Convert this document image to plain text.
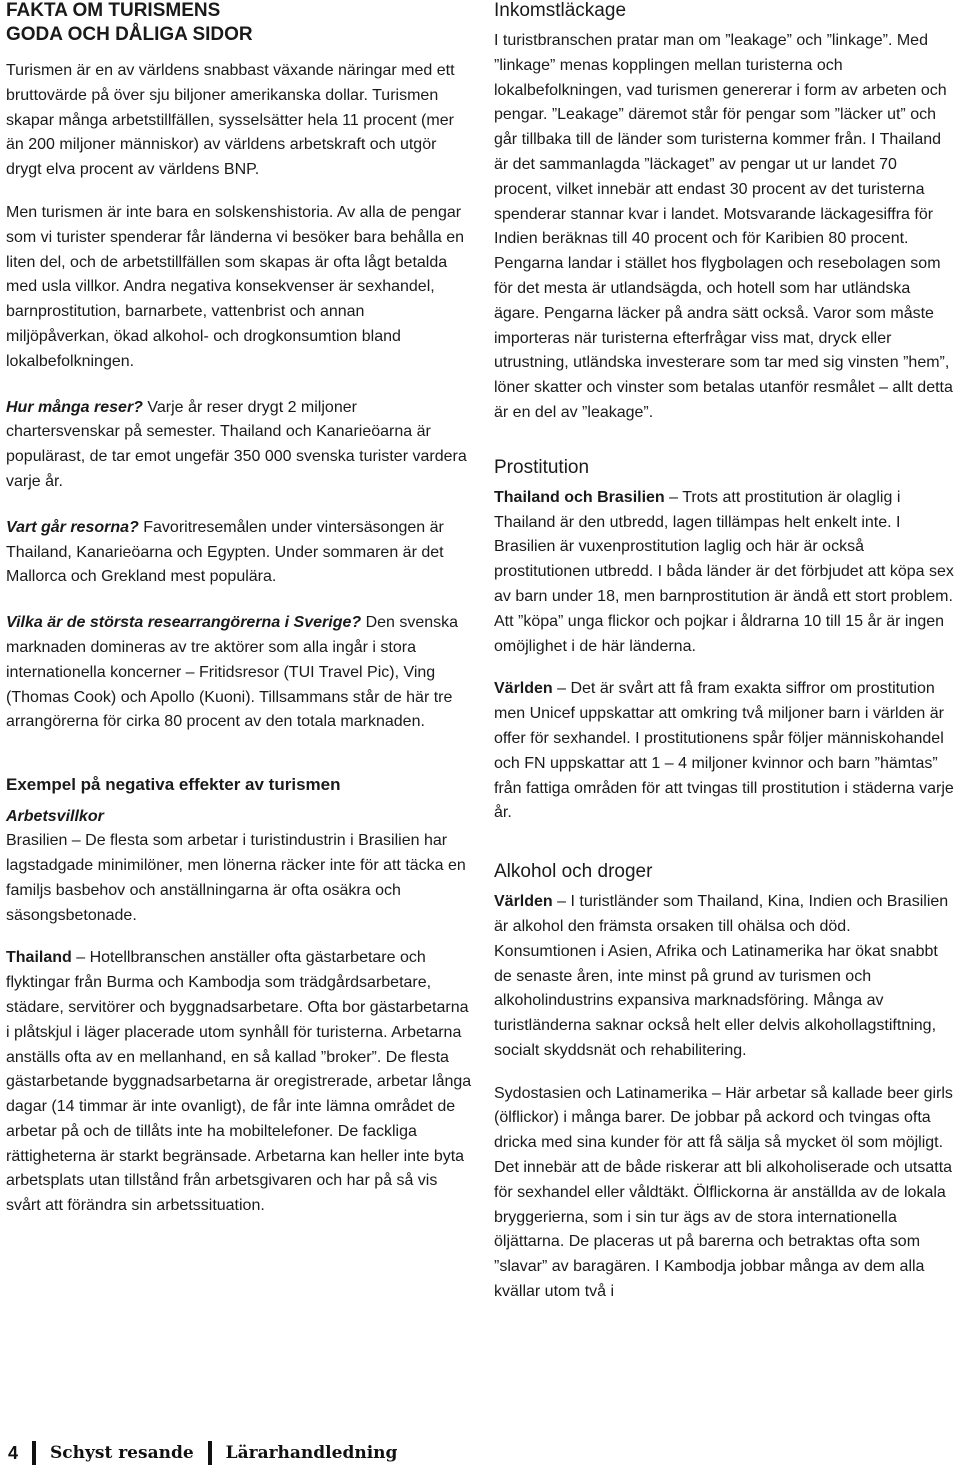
FAKTA OM TURISMENS
GODA OCH DÅLIGA SIDOR

Turismen är en av världens snabbast växande näringar med ett bruttovärde på över sju biljoner amerikanska dollar. Turismen skapar många arbetstillfällen, sysselsätter hela 11 procent (mer än 200 miljoner människor) av världens arbetskraft och utgör drygt elva procent av världens BNP.

Men turismen är inte bara en solskenshistoria. Av alla de pengar som vi turister spenderar får länderna vi besöker bara behålla en liten del, och de arbetstillfällen som skapas är ofta lågt betalda med usla villkor. Andra negativa konsekvenser är sexhandel, barnprostitution, barnarbete, vattenbrist och annan miljöpåverkan, ökad alkohol- och drogkonsumtion bland lokalbefolkningen.

Hur många reser? Varje år reser drygt 2 miljoner chartersvenskar på semester. Thailand och Kanarieöarna är populärast, de tar emot ungefär 350 000 svenska turister vardera varje år.

Vart går resorna? Favoritresemålen under vintersäsongen är Thailand, Kanarieöarna och Egypten. Under sommaren är det Mallorca och Grekland mest populära.

Vilka är de största researrangörerna i Sverige? Den svenska marknaden domineras av tre aktörer som alla ingår i stora internationella koncerner – Fritidsresor (TUI Travel Pic), Ving (Thomas Cook) och Apollo (Kuoni). Tillsammans står de här tre arrangörerna för cirka 80 procent av den totala marknaden.

Exempel på negativa effekter av turismen
Arbetsvillkor

Brasilien – De flesta som arbetar i turistindustrin i Brasilien har lagstadgade minimilöner, men lönerna räcker inte för att täcka en familjs basbehov och anställningarna är ofta osäkra och säsongsbetonade.

Thailand – Hotellbranschen anställer ofta gästarbetare och flyktingar från Burma och Kambodja som trädgårdsarbetare, städare, servitörer och byggnadsarbetare. Ofta bor gästarbetarna i plåtskjul i läger placerade utom synhåll för turisterna. Arbetarna anställs ofta av en mellanhand, en så kallad ”broker”. De flesta gästarbetande byggnadsarbetarna är oregistrerade, arbetar långa dagar (14 timmar är inte ovanligt), de får inte lämna området de arbetar på och de tillåts inte ha mobiltelefoner. De fackliga rättigheterna är starkt begränsade. Arbetarna kan heller inte byta arbetsplats utan tillstånd från arbetsgivaren och har på så vis svårt att förändra sin arbetssituation.

Inkomstläckage

I turistbranschen pratar man om ”leakage” och ”linkage”. Med ”linkage” menas kopplingen mellan turisterna och lokalbefolkningen, vad turismen genererar i form av arbeten och pengar. ”Leakage” däremot står för pengar som ”läcker ut” och går tillbaka till de länder som turisterna kommer från. I Thailand är det sammanlagda ”läckaget” av pengar ut ur landet 70 procent, vilket innebär att endast 30 procent av det turisterna spenderar stannar kvar i landet. Motsvarande läckagesiffra för Indien beräknas till 40 procent och för Karibien 80 procent. Pengarna landar i stället hos flygbolagen och resebolagen som för det mesta är utlandsägda, och hotell som har utländska ägare. Pengarna läcker på andra sätt också. Varor som måste importeras när turisterna efterfrågar viss mat, dryck eller utrustning, utländska investerare som tar med sig vinsten ”hem”, löner skatter och vinster som betalas utanför resmålet – allt detta är en del av ”leakage”.

Prostitution

Thailand och Brasilien – Trots att prostitution är olaglig i Thailand är den utbredd, lagen tillämpas helt enkelt inte. I Brasilien är vuxenprostitution laglig och här är också prostitutionen utbredd. I båda länder är det förbjudet att köpa sex av barn under 18, men barnprostitution är ändå ett stort problem. Att ”köpa” unga flickor och pojkar i åldrarna 10 till 15 år är ingen omöjlighet i de här länderna.

Världen – Det är svårt att få fram exakta siffror om prostitution men Unicef uppskattar att omkring två miljoner barn i världen är offer för sexhandel. I prostitutionens spår följer människohandel och FN uppskattar att 1 – 4 miljoner kvinnor och barn ”hämtas” från fattiga områden för att tvingas till prostitution i städerna varje år.

Alkohol och droger

Världen – I turistländer som Thailand, Kina, Indien och Brasilien är alkohol den främsta orsaken till ohälsa och död. Konsumtionen i Asien, Afrika och Latinamerika har ökat snabbt de senaste åren, inte minst på grund av turismen och alkoholindustrins expansiva marknadsföring. Många av turistländerna saknar också helt eller delvis alkohollagstiftning, socialt skyddsnät och rehabilitering.

Sydostasien och Latinamerika – Här arbetar så kallade beer girls (ölflickor) i många barer. De jobbar på ackord och tvingas ofta dricka med sina kunder för att få sälja så mycket öl som möjligt. Det innebär att de både riskerar att bli alkoholiserade och utsatta för sexhandel eller våldtäkt. Ölflickorna är anställda av de lokala bryggerierna, som i sin tur ägs av de stora internationella öljättarna. De placeras ut på barerna och betraktas ofta som ”slavar” av baragären. I Kambodja jobbar många av dem alla kvällar utom två i

4 Schyst resande Lärarhandledning
